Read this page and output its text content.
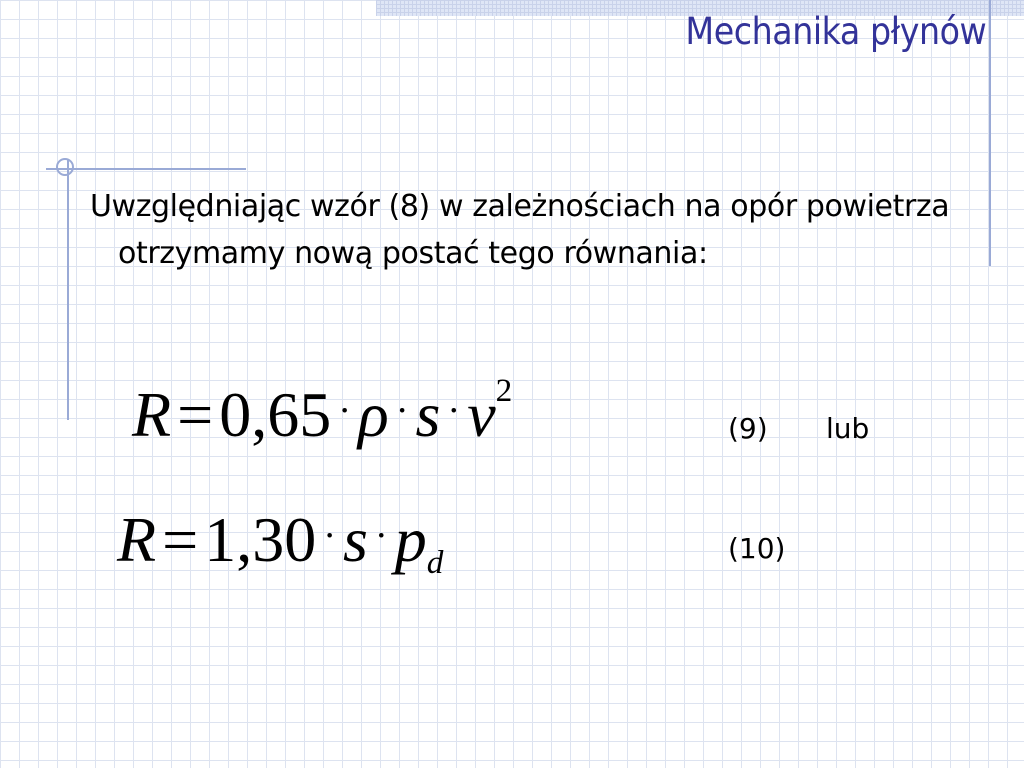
Mechanika płynów
Uwzględniając wzór (8) w zależnościach na opór powietrza otrzymamy nową postać tego równania:
R=0,65 · ρ · s · $v^2$
(9) lub
R=1,30 · s · pd	(10)
